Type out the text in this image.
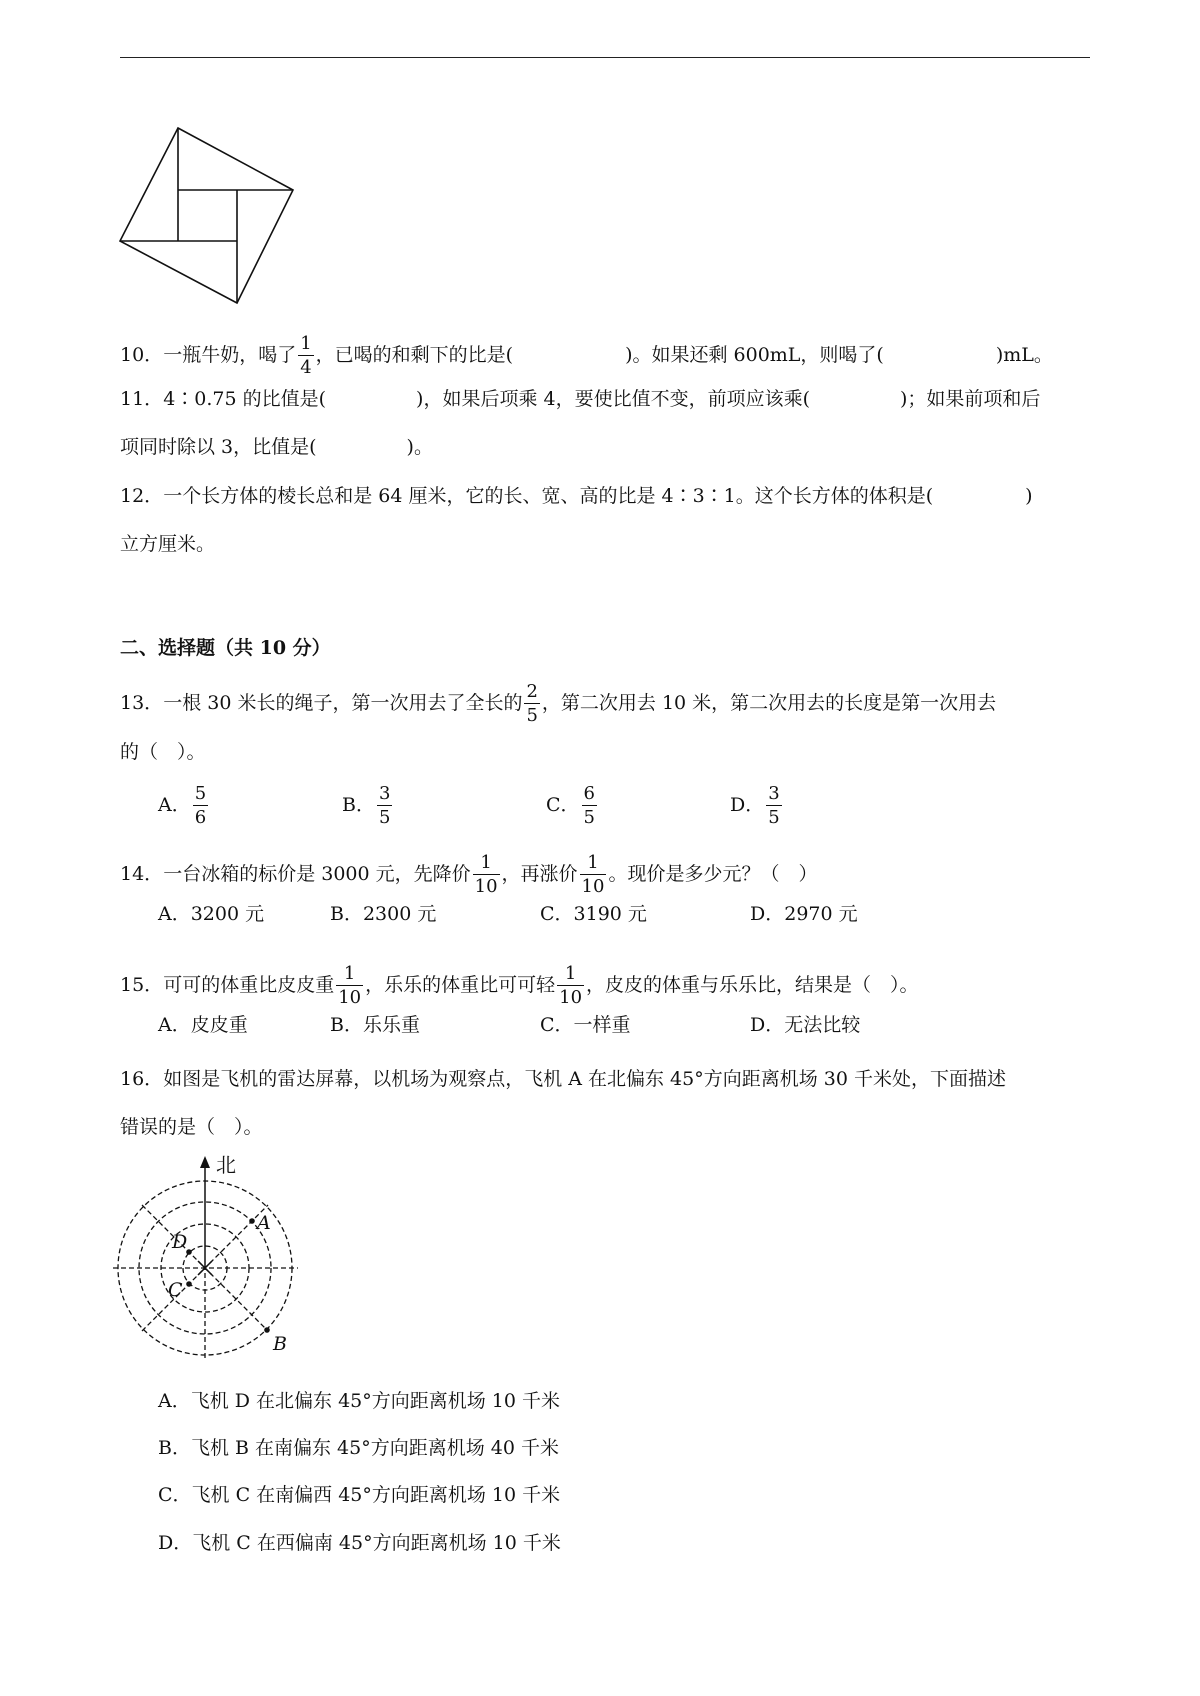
10．一瓶牛奶，喝了 $\frac{1}{4}$ ，已喝的和剩下的比是(	)。如果还剩 600mL，则喝了(	)mL。
11．4∶0.75 的比值是(	)，如果后项乘 4，要使比值不变，前项应该乘(	)；如果前项和后
项同时除以 3，比值是(	)。
12．一个长方体的棱长总和是 64 厘米，它的长、宽、高的比是 4∶3∶1。这个长方体的体积是(	)
立方厘米。
二、选择题（共 10 分）
13．一根 30 米长的绳子，第一次用去了全长的 $\frac{2}{5}$ ，第二次用去 10 米，第二次用去的长度是第一次用去
的（　）。
A． $\frac{5}{6}$	B． $\frac{3}{5}$	C． $\frac{6}{5}$	D． $\frac{3}{5}$
14．一台冰箱的标价是 3000 元，先降价 $\frac{1}{10}$ ，再涨价 $\frac{1}{10}$ 。现价是多少元？（　）
A．3200 元	B．2300 元	C．3190 元	D．2970 元
15．可可的体重比皮皮重 $\frac{1}{10}$ ，乐乐的体重比可可轻 $\frac{1}{10}$ ，皮皮的体重与乐乐比，结果是（　）。
A．皮皮重	B．乐乐重	C．一样重	D．无法比较
16．如图是飞机的雷达屏幕，以机场为观察点，飞机 A 在北偏东 45°方向距离机场 30 千米处，下面描述
错误的是（　）。
北
A
B
C
D
A．飞机 D 在北偏东 45°方向距离机场 10 千米
B．飞机 B 在南偏东 45°方向距离机场 40 千米
C．飞机 C 在南偏西 45°方向距离机场 10 千米
D．飞机 C 在西偏南 45°方向距离机场 10 千米
